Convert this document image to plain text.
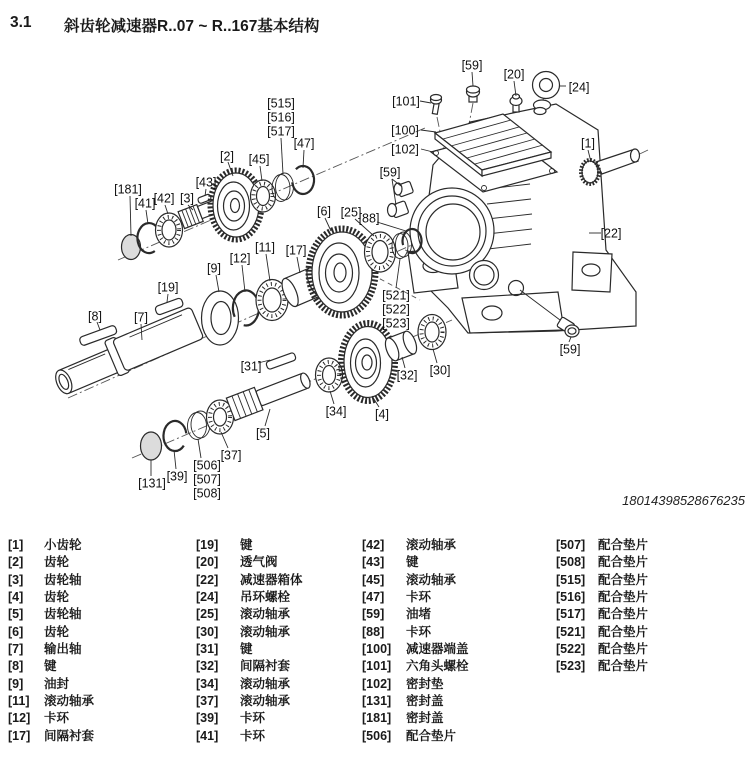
3.1 斜齿轮减速器R..07 ~ R..167基本结构
[59]
[20]
[24]
[101]
[100]
[102]
[59]
[1]
[22]
[515]
[516]
[517]
[47]
[2] [45]
[43]
[181]
[42] [3]
[41]
[6] [25]
[88]
[11] [17]
[12]
[9]
[19]
[8]	[7]
[521]
[522]
[523]
[31]
[32] [30]
[59]
[34] [4]
[5]
[37]
[506]
[507]
[508]
[39]
[131]
18014398528676235
[1]	小齿轮
[2]	齿轮
[3]	齿轮轴
[4]	齿轮
[5]	齿轮轴
[6]	齿轮
[7]	输出轴
[8]	键
[9]	油封
[11]	滚动轴承
[12]	卡环
[17]	间隔衬套
[19]	键
[20]	透气阀
[22]	减速器箱体
[24]	吊环螺栓
[25]	滚动轴承
[30]	滚动轴承
[31]	键
[32]	间隔衬套
[34]	滚动轴承
[37]	滚动轴承
[39]	卡环
[41]	卡环
[42]	滚动轴承
[43]	键
[45]	滚动轴承
[47]	卡环
[59]	油堵
[88]	卡环
[100]	减速器端盖
[101]	六角头螺栓
[102]	密封垫
[131]	密封盖
[181]	密封盖
[506]	配合垫片
[507]	配合垫片
[508]	配合垫片
[515]	配合垫片
[516]	配合垫片
[517]	配合垫片
[521]	配合垫片
[522]	配合垫片
[523]	配合垫片
